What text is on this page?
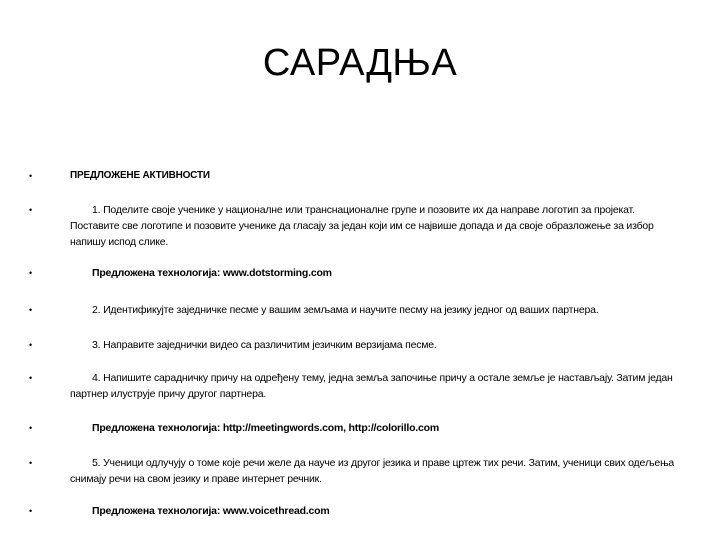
САРАДЊА
•	ПРЕДЛОЖЕНЕ АКТИВНОСТИ
•	1. Поделите своје ученике у националне или транснационалне групе и позовите их да направе логотип за пројекат. Поставите све логотипе и позовите ученике да гласају за један који им се највише допада и да своје образложење за избор напишу испод слике.
•	Предложена технологија: www.dotstorming.com
•	2. Идентификујте заједничке песме у вашим земљама и научите песму на језику једног од ваших партнера.
•	3. Направите заједнички видео са различитим језичким верзијама песме.
•	4. Напишите сарадничку причу на одређену тему, једна земља започиње причу а остале земље је настављају. Затим један партнер илуструје причу другог партнера.
•	Предложена технологија: http://meetingwords.com, http://colorillo.com
•	5. Ученици одлучују о томе које речи желе да науче из другог језика и праве цртеж тих речи. Затим, ученици свих одељења снимају речи на свом језику и праве интернет речник.
•	Предложена технологија: www.voicethread.com
